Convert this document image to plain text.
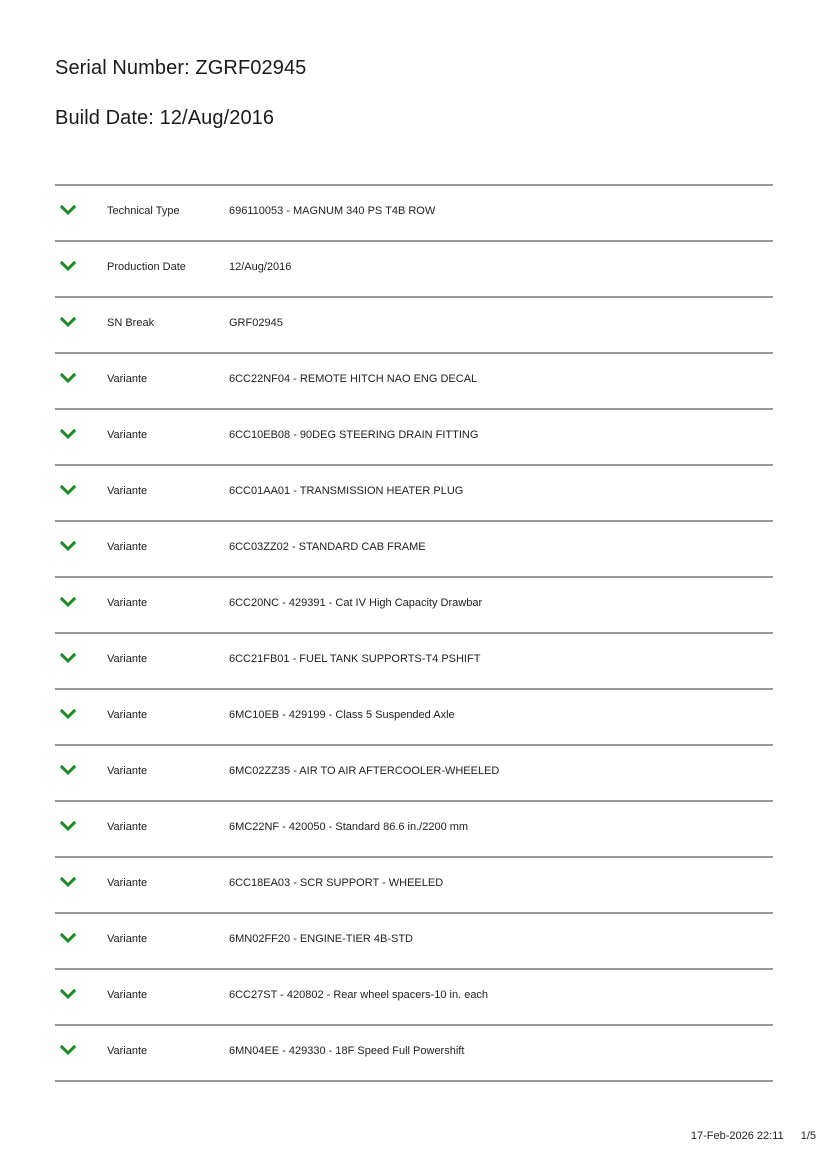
Serial Number: ZGRF02945
Build Date: 12/Aug/2016
Technical Type	696110053 - MAGNUM 340 PS T4B ROW
Production Date	12/Aug/2016
SN Break	GRF02945
Variante	6CC22NF04 - REMOTE HITCH NAO ENG DECAL
Variante	6CC10EB08 - 90DEG STEERING DRAIN FITTING
Variante	6CC01AA01 - TRANSMISSION HEATER PLUG
Variante	6CC03ZZ02 - STANDARD CAB FRAME
Variante	6CC20NC - 429391 - Cat IV High Capacity Drawbar
Variante	6CC21FB01 - FUEL TANK SUPPORTS-T4 PSHIFT
Variante	6MC10EB - 429199 - Class 5 Suspended Axle
Variante	6MC02ZZ35 - AIR TO AIR AFTERCOOLER-WHEELED
Variante	6MC22NF - 420050 - Standard 86.6 in./2200 mm
Variante	6CC18EA03 - SCR SUPPORT - WHEELED
Variante	6MN02FF20 - ENGINE-TIER 4B-STD
Variante	6CC27ST - 420802 - Rear wheel spacers-10 in. each
Variante	6MN04EE - 429330 - 18F Speed Full Powershift
17-Feb-2026 22:11 1/5
